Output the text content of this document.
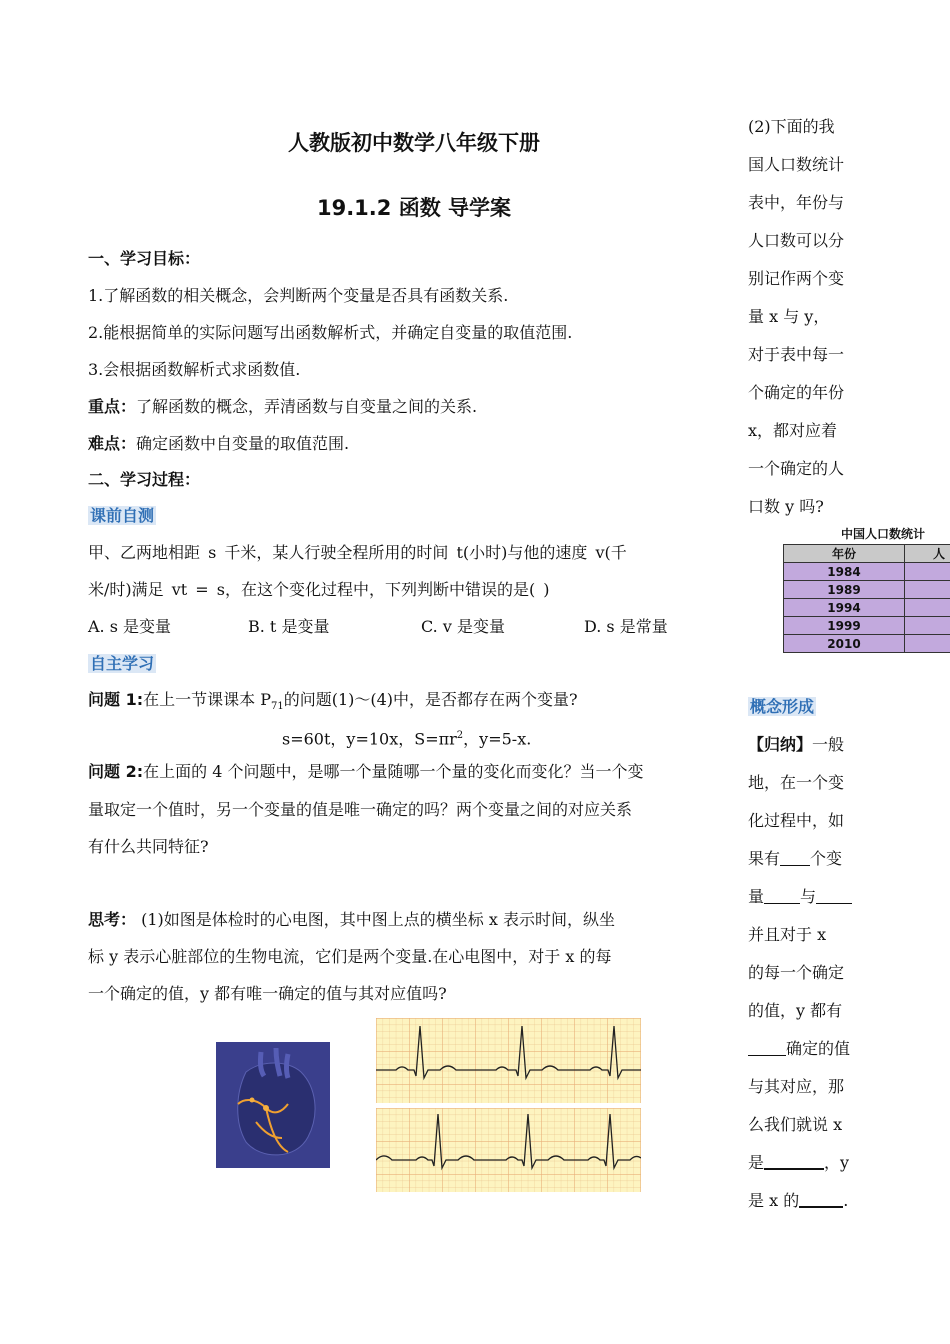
人教版初中数学八年级下册
19.1.2 函数 导学案
一、学习目标：
1.了解函数的相关概念，会判断两个变量是否具有函数关系.
2.能根据简单的实际问题写出函数解析式，并确定自变量的取值范围.
3.会根据函数解析式求函数值.
重点：了解函数的概念，弄清函数与自变量之间的关系.
难点：确定函数中自变量的取值范围.
二、学习过程：
课前自测
甲、乙两地相距 s 千米，某人行驶全程所用的时间 t(小时)与他的速度 v(千
米/时)满足 vt = s，在这个变化过程中，下列判断中错误的是( )
A. s 是变量	B. t 是变量	C. v 是变量	D. s 是常量
自主学习
问题 1:在上一节课课本 $P_{71}$的问题(1)～(4)中，是否都存在两个变量?
s=60t，y=10x，$S=\pi r^2$，y=5-x.
问题 2:在上面的 4 个问题中，是哪一个量随哪一个量的变化而变化？当一个变
量取定一个值时，另一个变量的值是唯一确定的吗？两个变量之间的对应关系
有什么共同特征?
思考： (1)如图是体检时的心电图，其中图上点的横坐标 x 表示时间，纵坐
标 y 表示心脏部位的生物电流，它们是两个变量.在心电图中，对于 x 的每
一个确定的值，y 都有唯一确定的值与其对应值吗?
(2)下面的我
国人口数统计
表中，年份与
人口数可以分
别记作两个变
量 x 与 y，
对于表中每一
个确定的年份
x，都对应着
一个确定的人
口数 y 吗?
中国人口数统计
年份	人
1984	
1989	
1994	
1999	
2010	
概念形成
【归纳】一般
地，在一个变
化过程中，如
果有 个变
量 与
并且对于 x
的每一个确定
的值，y 都有
确定的值
与其对应，那
么我们就说 x
是	，y
是 x 的	.
